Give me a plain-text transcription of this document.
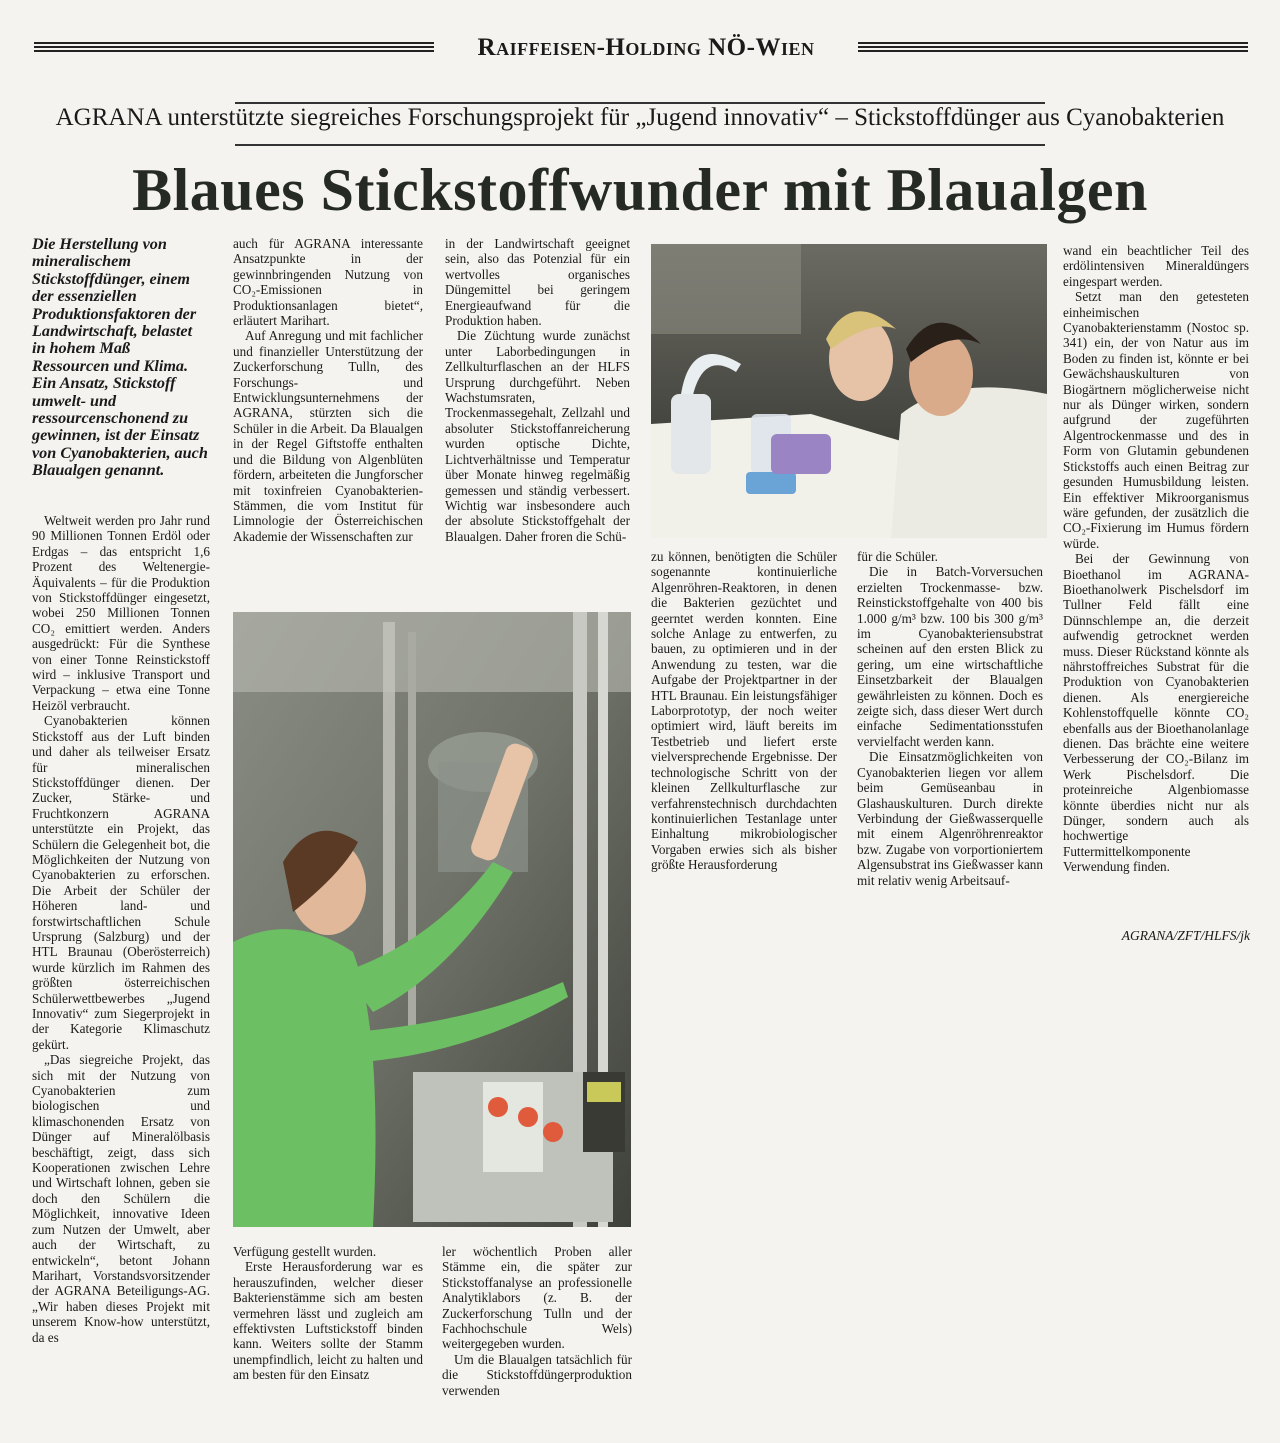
Raiffeisen-Holding NÖ-Wien
AGRANA unterstützte siegreiches Forschungsprojekt für „Jugend innovativ“ – Stickstoffdünger aus Cyanobakterien
Blaues Stickstoffwunder mit Blaualgen
Die Herstellung von mineralischem Stickstoffdünger, einem der essenziellen Produktionsfaktoren der Landwirtschaft, belastet in hohem Maß Ressourcen und Klima. Ein Ansatz, Stickstoff umwelt- und ressourcenschonend zu gewinnen, ist der Einsatz von Cyanobakterien, auch Blaualgen genannt.

Weltweit werden pro Jahr rund 90 Millionen Tonnen Erdöl oder Erdgas – das entspricht 1,6 Prozent des Weltenergie-Äquivalents – für die Produktion von Stickstoffdünger eingesetzt, wobei 250 Millionen Tonnen CO₂ emittiert werden. Anders ausgedrückt: Für die Synthese von einer Tonne Reinstickstoff wird – inklusive Transport und Verpackung – etwa eine Tonne Heizöl verbraucht.

Cyanobakterien können Stickstoff aus der Luft binden und daher als teilweiser Ersatz für mineralischen Stickstoffdünger dienen. Der Zucker, Stärke- und Fruchtkonzern AGRANA unterstützte ein Projekt, das Schülern die Gelegenheit bot, die Möglichkeiten der Nutzung von Cyanobakterien zu erforschen. Die Arbeit der Schüler der Höheren land- und forstwirtschaftlichen Schule Ursprung (Salzburg) und der HTL Braunau (Oberösterreich) wurde kürzlich im Rahmen des größten österreichischen Schülerwettbewerbes „Jugend Innovativ“ zum Siegerprojekt in der Kategorie Klimaschutz gekürt.

„Das siegreiche Projekt, das sich mit der Nutzung von Cyanobakterien zum biologischen und klimaschonenden Ersatz von Dünger auf Mineralölbasis beschäftigt, zeigt, dass sich Kooperationen zwischen Lehre und Wirtschaft lohnen, geben sie doch den Schülern die Möglichkeit, innovative Ideen zum Nutzen der Umwelt, aber auch der Wirtschaft, zu entwickeln“, betont Johann Marihart, Vorstandsvorsitzender der AGRANA Beteiligungs-AG. „Wir haben dieses Projekt mit unserem Know-how unterstützt, da es

auch für AGRANA interessante Ansatzpunkte in der gewinnbringenden Nutzung von CO₂-Emissionen in Produktionsanlagen bietet“, erläutert Marihart.

Auf Anregung und mit fachlicher und finanzieller Unterstützung der Zuckerforschung Tulln, des Forschungs- und Entwicklungsunternehmens der AGRANA, stürzten sich die Schüler in die Arbeit. Da Blaualgen in der Regel Giftstoffe enthalten und die Bildung von Algenblüten fördern, arbeiteten die Jungforscher mit toxinfreien Cyanobakterien-Stämmen, die vom Institut für Limnologie der Österreichischen Akademie der Wissenschaften zur

in der Landwirtschaft geeignet sein, also das Potenzial für ein wertvolles organisches Düngemittel bei geringem Energieaufwand für die Produktion haben.

Die Züchtung wurde zunächst unter Laborbedingungen in Zellkulturflaschen an der HLFS Ursprung durchgeführt. Neben Wachstumsraten, Trockenmassegehalt, Zellzahl und absoluter Stickstoffanreicherung wurden optische Dichte, Lichtverhältnisse und Temperatur über Monate hinweg regelmäßig gemessen und ständig verbessert. Wichtig war insbesondere auch der absolute Stickstoffgehalt der Blaualgen. Daher froren die Schü-

Verfügung gestellt wurden.

Erste Herausforderung war es herauszufinden, welcher dieser Bakterienstämme sich am besten vermehren lässt und zugleich am effektivsten Luftstickstoff binden kann. Weiters sollte der Stamm unempfindlich, leicht zu halten und am besten für den Einsatz

ler wöchentlich Proben aller Stämme ein, die später zur Stickstoffanalyse an professionelle Analytiklabors (z. B. der Zuckerforschung Tulln und der Fachhochschule Wels) weitergegeben wurden.

Um die Blaualgen tatsächlich für die Stickstoffdüngerproduktion verwenden

zu können, benötigten die Schüler sogenannte kontinuierliche Algenröhren-Reaktoren, in denen die Bakterien gezüchtet und geerntet werden konnten. Eine solche Anlage zu entwerfen, zu bauen, zu optimieren und in der Anwendung zu testen, war die Aufgabe der Projektpartner in der HTL Braunau. Ein leistungsfähiger Laborprototyp, der noch weiter optimiert wird, läuft bereits im Testbetrieb und liefert erste vielversprechende Ergebnisse. Der technologische Schritt von der kleinen Zellkulturflasche zur verfahrenstechnisch durchdachten kontinuierlichen Testanlage unter Einhaltung mikrobiologischer Vorgaben erwies sich als bisher größte Herausforderung

für die Schüler.

Die in Batch-Vorversuchen erzielten Trockenmasse- bzw. Reinstickstoffgehalte von 400 bis 1.000 g/m³ bzw. 100 bis 300 g/m³ im Cyanobakteriensubstrat scheinen auf den ersten Blick zu gering, um eine wirtschaftliche Einsetzbarkeit der Blaualgen gewährleisten zu können. Doch es zeigte sich, dass dieser Wert durch einfache Sedimentationsstufen vervielfacht werden kann.

Die Einsatzmöglichkeiten von Cyanobakterien liegen vor allem beim Gemüseanbau in Glashauskulturen. Durch direkte Verbindung der Gießwasserquelle mit einem Algenröhrenreaktor bzw. Zugabe von vorportioniertem Algensubstrat ins Gießwasser kann mit relativ wenig Arbeitsauf-

wand ein beachtlicher Teil des erdölintensiven Mineraldüngers eingespart werden.

Setzt man den getesteten einheimischen Cyanobakterienstamm (Nostoc sp. 341) ein, der von Natur aus im Boden zu finden ist, könnte er bei Gewächshauskulturen von Biogärtnern möglicherweise nicht nur als Dünger wirken, sondern aufgrund der zugeführten Algentrockenmasse und des in Form von Glutamin gebundenen Stickstoffs auch einen Beitrag zur gesunden Humusbildung leisten. Ein effektiver Mikroorganismus wäre gefunden, der zusätzlich die CO₂-Fixierung im Humus fördern würde.

Bei der Gewinnung von Bioethanol im AGRANA-Bioethanolwerk Pischelsdorf im Tullner Feld fällt eine Dünnschlempe an, die derzeit aufwendig getrocknet werden muss. Dieser Rückstand könnte als nährstoffreiches Substrat für die Produktion von Cyanobakterien dienen. Als energiereiche Kohlenstoffquelle könnte CO₂ ebenfalls aus der Bioethanolanlage dienen. Das brächte eine weitere Verbesserung der CO₂-Bilanz im Werk Pischelsdorf. Die proteinreiche Algenbiomasse könnte überdies nicht nur als Dünger, sondern auch als hochwertige Futtermittelkomponente Verwendung finden.

AGRANA/ZFT/HLFS/jk
